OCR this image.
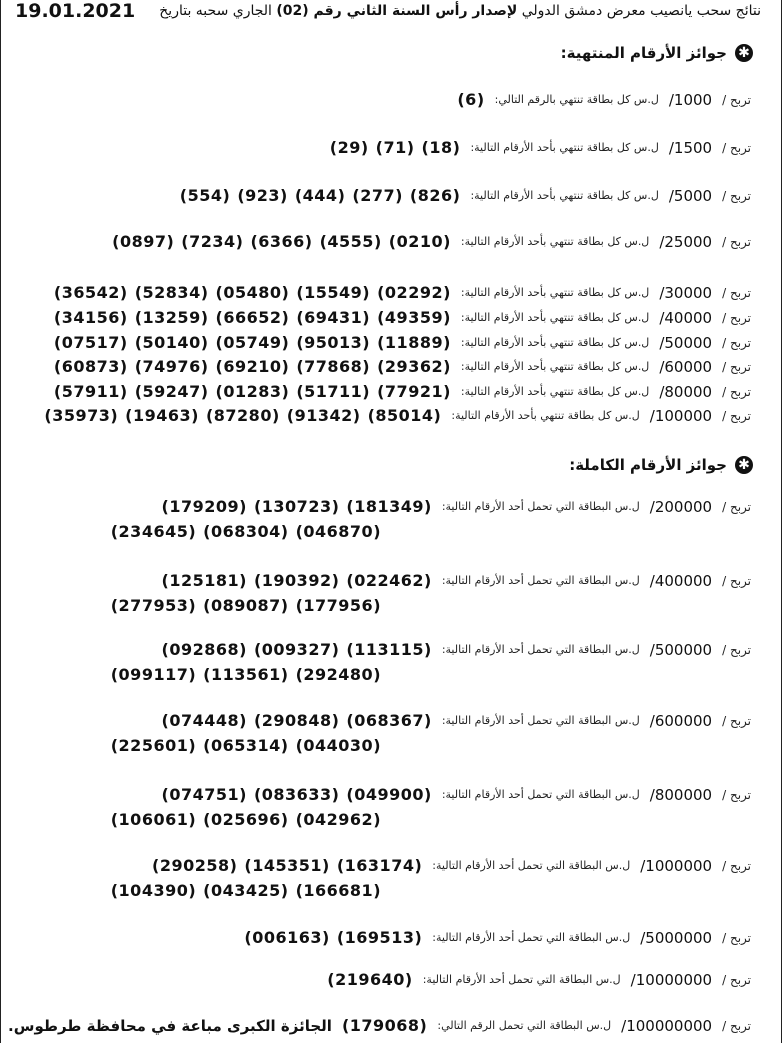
نتائج سحب يانصيب معرض دمشق الدولي لإصدار رأس السنة الثاني رقم (02) الجاري سحبه بتاريخ
19.01.2021
✱
جوائز الأرقام المنتهية:
تربح /
1000/
ل.س كل بطاقة تنتهي بالرقم التالي:
(6)
تربح /
1500/
ل.س كل بطاقة تنتهي بأحد الأرقام التالية:
(18)(71)(29)
تربح /
5000/
ل.س كل بطاقة تنتهي بأحد الأرقام التالية:
(826)(277)(444)(923)(554)
تربح /
25000/
ل.س كل بطاقة تنتهي بأحد الأرقام التالية:
(0210)(4555)(6366)(7234)(0897)
تربح /
30000/
ل.س كل بطاقة تنتهي بأحد الأرقام التالية:
(02292)(15549)(05480)(52834)(36542)
تربح /
40000/
ل.س كل بطاقة تنتهي بأحد الأرقام التالية:
(49359)(69431)(66652)(13259)(34156)
تربح /
50000/
ل.س كل بطاقة تنتهي بأحد الأرقام التالية:
(11889)(95013)(05749)(50140)(07517)
تربح /
60000/
ل.س كل بطاقة تنتهي بأحد الأرقام التالية:
(29362)(77868)(69210)(74976)(60873)
تربح /
80000/
ل.س كل بطاقة تنتهي بأحد الأرقام التالية:
(77921)(51711)(01283)(59247)(57911)
تربح /
100000/
ل.س كل بطاقة تنتهي بأحد الأرقام التالية:
(85014)(91342)(87280)(19463)(35973)
✱
جوائز الأرقام الكاملة:
تربح /
200000/
ل.س البطاقة التي تحمل أحد الأرقام التالية:
(181349)(130723)(179209)
(046870)(068304)(234645)
تربح /
400000/
ل.س البطاقة التي تحمل أحد الأرقام التالية:
(022462)(190392)(125181)
(177956)(089087)(277953)
تربح /
500000/
ل.س البطاقة التي تحمل أحد الأرقام التالية:
(113115)(009327)(092868)
(292480)(113561)(099117)
تربح /
600000/
ل.س البطاقة التي تحمل أحد الأرقام التالية:
(068367)(290848)(074448)
(044030)(065314)(225601)
تربح /
800000/
ل.س البطاقة التي تحمل أحد الأرقام التالية:
(049900)(083633)(074751)
(042962)(025696)(106061)
تربح /
1000000/
ل.س البطاقة التي تحمل أحد الأرقام التالية:
(163174)(145351)(290258)
(166681)(043425)(104390)
تربح /
5000000/
ل.س البطاقة التي تحمل أحد الأرقام التالية:
(169513)(006163)
تربح /
10000000/
ل.س البطاقة التي تحمل أحد الأرقام التالية:
(219640)
تربح /
100000000/
ل.س البطاقة التي تحمل الرقم التالي:
(179068)
الجائزة الكبرى مباعة في محافظة طرطوس.
